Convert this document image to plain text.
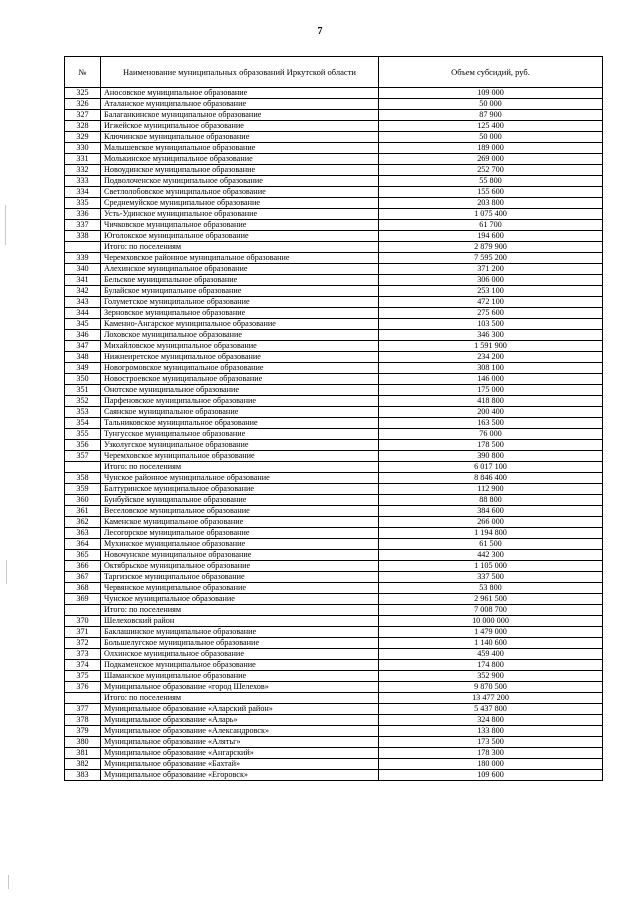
7
№	Наименование муниципальных образований Иркутской области	Объем субсидий, руб.
325	Аносовское муниципальное образование	109 000
326	Аталанское муниципальное образование	50 000
327	Балаганкинское муниципальное образование	87 900
328	Игжейское муниципальное образование	125 400
329	Ключинское муниципальное образование	50 000
330	Малышевское муниципальное образование	189 000
331	Молькинское муниципальное образование	269 000
332	Новоудинское муниципальное образование	252 700
333	Подволоченское муниципальное образование	55 800
334	Светлолобовское муниципальное образование	155 600
335	Среднемуйское муниципальное образование	203 800
336	Усть-Удинское муниципальное образование	1 075 400
337	Чичковское муниципальное образование	61 700
338	Юголокское муниципальное образование	194 600
	Итого: по поселениям	2 879 900
339	Черемховское районное муниципальное образование	7 595 200
340	Алехинское муниципальное образование	371 200
341	Бельское муниципальное образование	306 000
342	Булайское муниципальное образование	253 100
343	Голуметское муниципальное образование	472 100
344	Зерновское муниципальное образование	275 600
345	Каменно-Ангарское муниципальное образование	103 500
346	Лоховское муниципальное образование	346 300
347	Михайловское муниципальное образование	1 591 900
348	Нижнеиретское муниципальное образование	234 200
349	Новогромовское муниципальное образование	308 100
350	Новостроевское муниципальное образование	146 000
351	Онотское муниципальное образование	175 000
352	Парфеновское муниципальное образование	418 800
353	Саянское муниципальное образование	200 400
354	Тальниковское муниципальное образование	163 500
355	Тунгусское муниципальное образование	76 000
356	Узколугское муниципальное образование	178 500
357	Черемховское муниципальное образование	390 800
	Итого: по поселениям	6 017 100
358	Чунское районное муниципальное образование	8 846 400
359	Балтуринское муниципальное образование	112 900
360	Бунбуйское муниципальное образование	88 800
361	Веселовское муниципальное образование	384 600
362	Каменское муниципальное образование	266 000
363	Лесогорское муниципальное образование	1 194 800
364	Мухинское муниципальное образование	61 500
365	Новочунское муниципальное образование	442 300
366	Октябрьское муниципальное образование	1 105 000
367	Таргизское муниципальное образование	337 500
368	Червянское муниципальное образование	53 800
369	Чунское муниципальное образование	2 961 500
	Итого: по поселениям	7 008 700
370	Шелеховский район	10 000 000
371	Баклашинское муниципальное образование	1 479 000
372	Большелугское муниципальное образование	1 140 600
373	Олхинское муниципальное образование	459 400
374	Подкаменское муниципальное образование	174 800
375	Шаманское муниципальное образование	352 900
376	Муниципальное образование «город Шелехов»	9 870 500
	Итого: по поселениям	13 477 200
377	Муниципальное образование «Аларский район»	5 437 800
378	Муниципальное образование «Аларь»	324 800
379	Муниципальное образование «Александровск»	133 800
380	Муниципальное образование «Алятьг»	173 500
381	Муниципальное образование «Ангарский»	178 300
382	Муниципальное образование «Бахтай»	180 000
383	Муниципальное образование «Егоровск»	109 600
